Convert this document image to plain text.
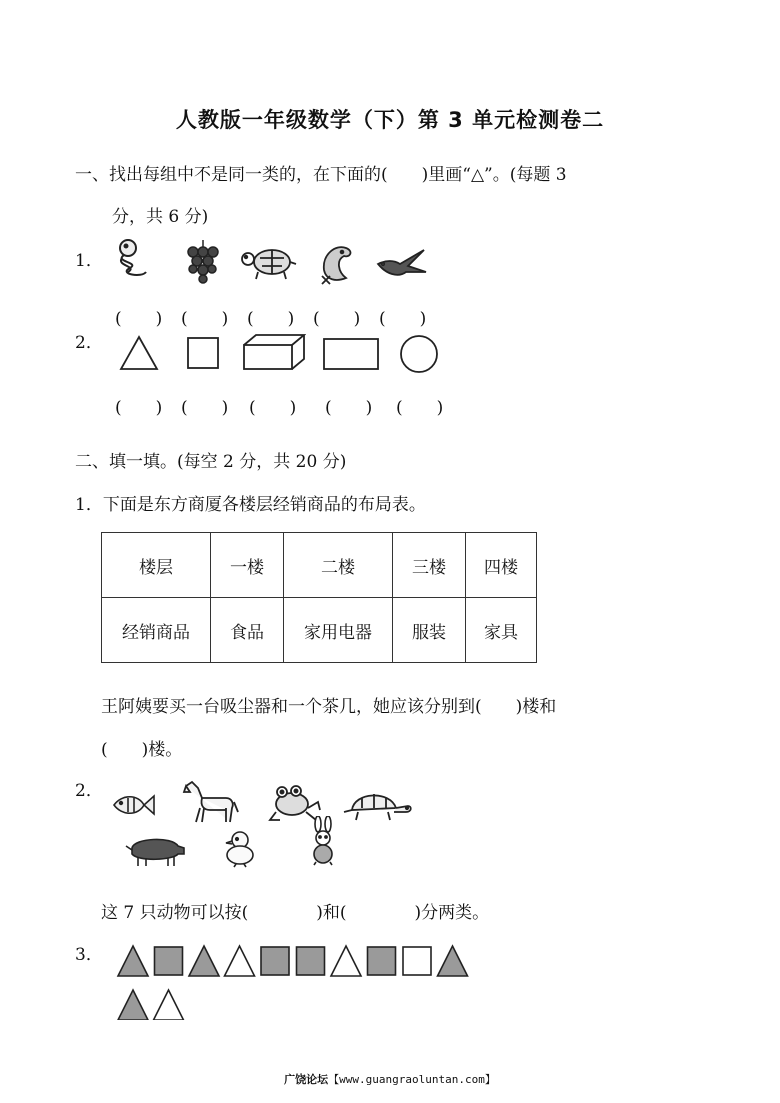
人教版一年级数学（下）第 3 单元检测卷二
一、找出每组中不是同一类的，在下面的(　　)里画“△”。(每题 3
分，共 6 分)
1．
(　　) (　　) (　　) (　　) (　　)
2．
(　　) (　　) (　　) (　　) (　　)
二、填一填。(每空 2 分，共 20 分)
1．下面是东方商厦各楼层经销商品的布局表。
楼层	一楼	二楼	三楼	四楼
经销商品	食品	家用电器	服装	家具
王阿姨要买一台吸尘器和一个茶几，她应该分别到(　　)楼和
(　　)楼。
2．
这 7 只动物可以按(　　　　)和(　　　　)分两类。
3．
广饶论坛【www.guangraoluntan.com】
